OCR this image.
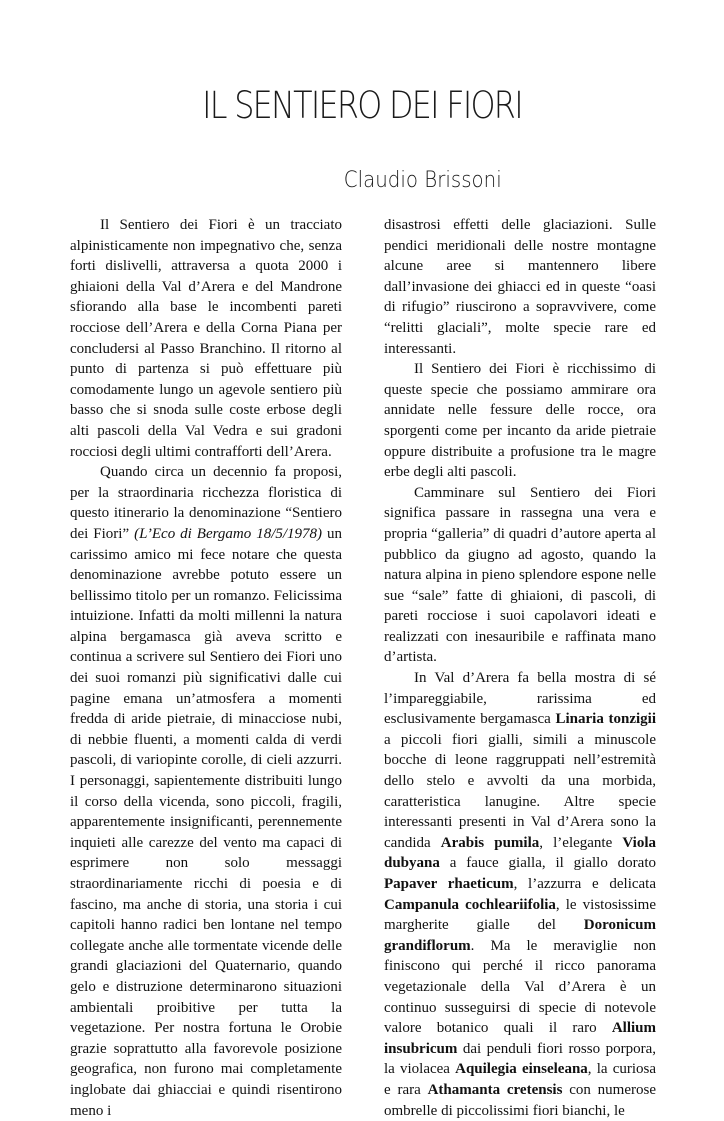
IL SENTIERO DEI FIORI
Claudio Brissoni

Il Sentiero dei Fiori è un tracciato alpinisticamente non impegnativo che, senza forti dislivelli, attraversa a quota 2000 i ghiaioni della Val d’Arera e del Mandrone sfiorando alla base le incombenti pareti rocciose dell’Arera e della Corna Piana per concludersi al Passo Branchino. Il ritorno al punto di partenza si può effettuare più comodamente lungo un agevole sentiero più basso che si snoda sulle coste erbose degli alti pascoli della Val Vedra e sui gradoni rocciosi degli ultimi contrafforti dell’Arera.

Quando circa un decennio fa proposi, per la straordinaria ricchezza floristica di questo itinerario la denominazione “Sentiero dei Fiori” (L’Eco di Bergamo 18/5/1978) un carissimo amico mi fece notare che questa denominazione avrebbe potuto essere un bellissimo titolo per un romanzo. Felicissima intuizione. Infatti da molti millenni la natura alpina bergamasca già aveva scritto e continua a scrivere sul Sentiero dei Fiori uno dei suoi romanzi più significativi dalle cui pagine emana un’atmosfera a momenti fredda di aride pietraie, di minacciose nubi, di nebbie fluenti, a momenti calda di verdi pascoli, di variopinte corolle, di cieli azzurri. I personaggi, sapientemente distribuiti lungo il corso della vicenda, sono piccoli, fragili, apparentemente insignificanti, perennemente inquieti alle carezze del vento ma capaci di esprimere non solo messaggi straordinariamente ricchi di poesia e di fascino, ma anche di storia, una storia i cui capitoli hanno radici ben lontane nel tempo collegate anche alle tormentate vicende delle grandi glaciazioni del Quaternario, quando gelo e distruzione determinarono situazioni ambientali proibitive per tutta la vegetazione. Per nostra fortuna le Orobie grazie soprattutto alla favorevole posizione geografica, non furono mai completamente inglobate dai ghiacciai e quindi risentirono meno i

disastrosi effetti delle glaciazioni. Sulle pendici meridionali delle nostre montagne alcune aree si mantennero libere dall’invasione dei ghiacci ed in queste “oasi di rifugio” riuscirono a sopravvivere, come “relitti glaciali”, molte specie rare ed interessanti.

Il Sentiero dei Fiori è ricchissimo di queste specie che possiamo ammirare ora annidate nelle fessure delle rocce, ora sporgenti come per incanto da aride pietraie oppure distribuite a profusione tra le magre erbe degli alti pascoli.

Camminare sul Sentiero dei Fiori significa passare in rassegna una vera e propria “galleria” di quadri d’autore aperta al pubblico da giugno ad agosto, quando la natura alpina in pieno splendore espone nelle sue “sale” fatte di ghiaioni, di pascoli, di pareti rocciose i suoi capolavori ideati e realizzati con inesauribile e raffinata mano d’artista.

In Val d’Arera fa bella mostra di sé l’impareggiabile, rarissima ed esclusivamente bergamasca Linaria tonzigii a piccoli fiori gialli, simili a minuscole bocche di leone raggruppati nell’estremità dello stelo e avvolti da una morbida, caratteristica lanugine. Altre specie interessanti presenti in Val d’Arera sono la candida Arabis pumila, l’elegante Viola dubyana a fauce gialla, il giallo dorato Papaver rhaeticum, l’azzurra e delicata Campanula cochleariifolia, le vistosissime margherite gialle del Doronicum grandiflorum. Ma le meraviglie non finiscono qui perché il ricco panorama vegetazionale della Val d’Arera è un continuo susseguirsi di specie di notevole valore botanico quali il raro Allium insubricum dai penduli fiori rosso porpora, la violacea Aquilegia einseleana, la curiosa e rara Athamanta cretensis con numerose ombrelle di piccolissimi fiori bianchi, le
